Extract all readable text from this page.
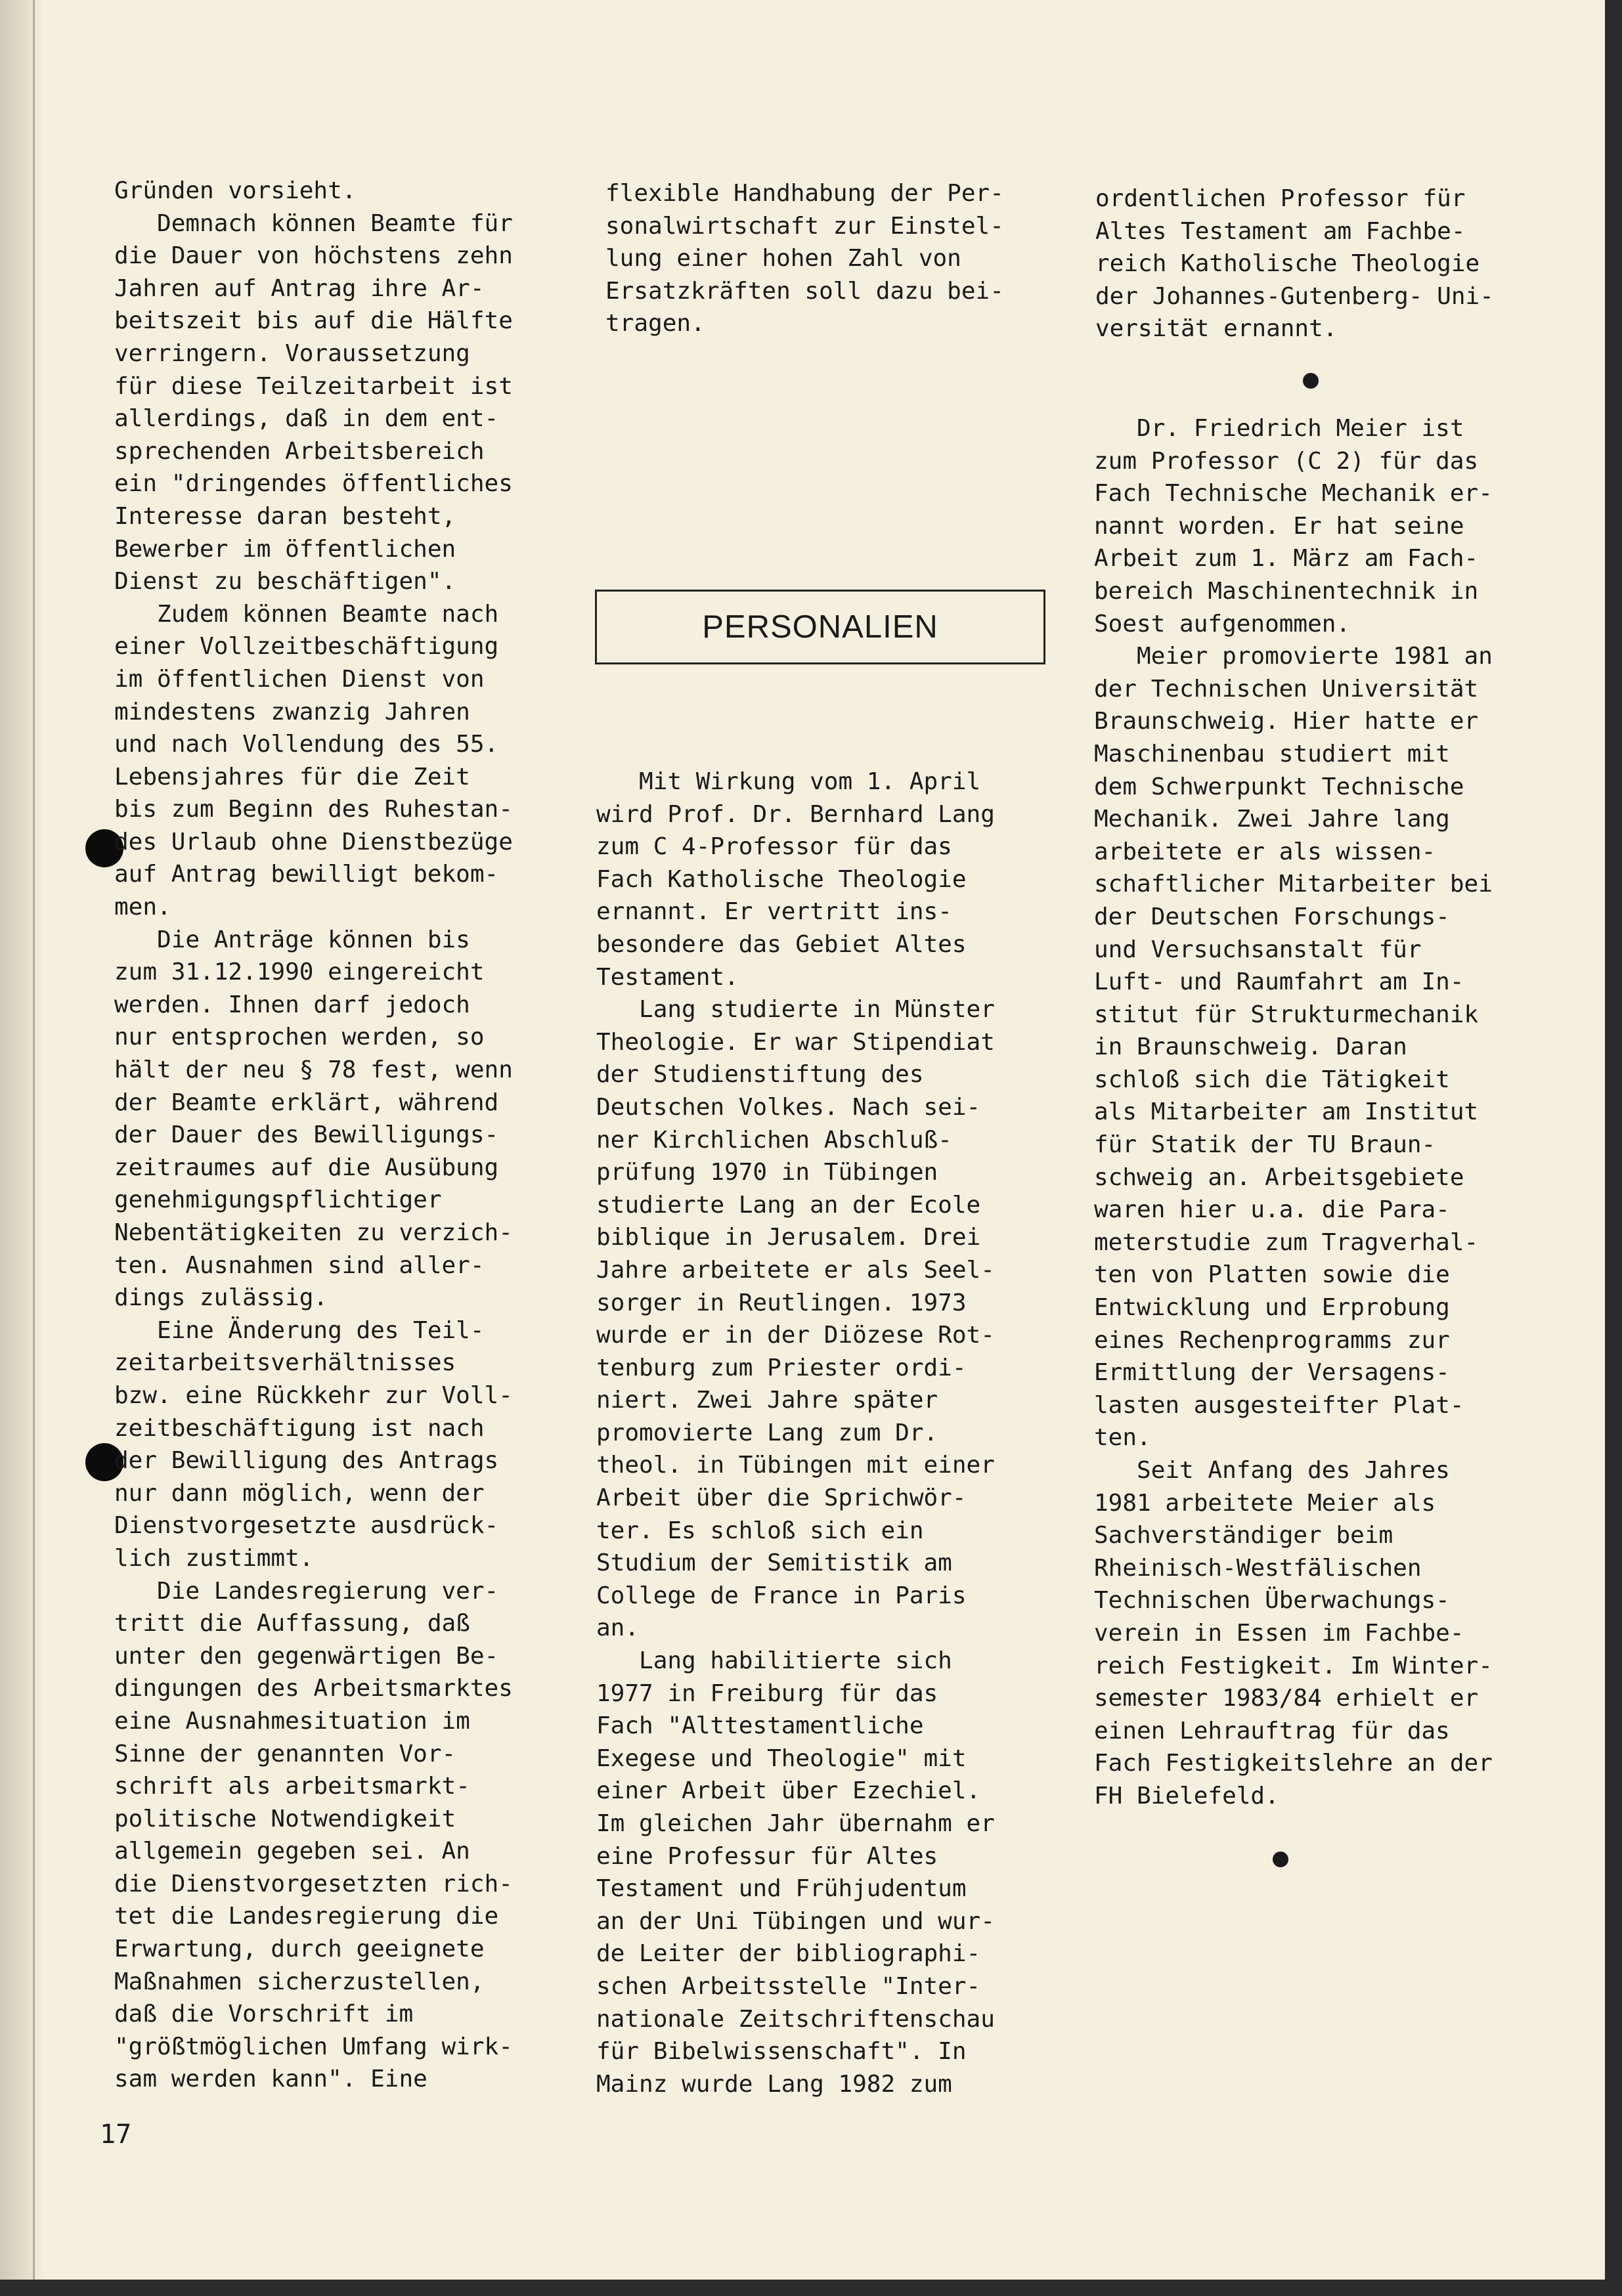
Gründen vorsieht.

Demnach können Beamte für

die Dauer von höchstens zehn

Jahren auf Antrag ihre Ar-

beitszeit bis auf die Hälfte

verringern. Voraussetzung

für diese Teilzeitarbeit ist

allerdings, daß in dem ent-

sprechenden Arbeitsbereich

ein "dringendes öffentliches

Interesse daran besteht,

Bewerber im öffentlichen

Dienst zu beschäftigen".

Zudem können Beamte nach

einer Vollzeitbeschäftigung

im öffentlichen Dienst von

mindestens zwanzig Jahren

und nach Vollendung des 55.

Lebensjahres für die Zeit

bis zum Beginn des Ruhestan-

des Urlaub ohne Dienstbezüge

auf Antrag bewilligt bekom-

men.

Die Anträge können bis

zum 31.12.1990 eingereicht

werden. Ihnen darf jedoch

nur entsprochen werden, so

hält der neu § 78 fest, wenn

der Beamte erklärt, während

der Dauer des Bewilligungs-

zeitraumes auf die Ausübung

genehmigungspflichtiger

Nebentätigkeiten zu verzich-

ten. Ausnahmen sind aller-

dings zulässig.

Eine Änderung des Teil-

zeitarbeitsverhältnisses

bzw. eine Rückkehr zur Voll-

zeitbeschäftigung ist nach

der Bewilligung des Antrags

nur dann möglich, wenn der

Dienstvorgesetzte ausdrück-

lich zustimmt.

Die Landesregierung ver-

tritt die Auffassung, daß

unter den gegenwärtigen Be-

dingungen des Arbeitsmarktes

eine Ausnahmesituation im

Sinne der genannten Vor-

schrift als arbeitsmarkt-

politische Notwendigkeit

allgemein gegeben sei. An

die Dienstvorgesetzten rich-

tet die Landesregierung die

Erwartung, durch geeignete

Maßnahmen sicherzustellen,

daß die Vorschrift im

"größtmöglichen Umfang wirk-

sam werden kann". Eine

flexible Handhabung der Per-

sonalwirtschaft zur Einstel-

lung einer hohen Zahl von

Ersatzkräften soll dazu bei-

tragen.

PERSONALIEN

Mit Wirkung vom 1. April

wird Prof. Dr. Bernhard Lang

zum C 4-Professor für das

Fach Katholische Theologie

ernannt. Er vertritt ins-

besondere das Gebiet Altes

Testament.

Lang studierte in Münster

Theologie. Er war Stipendiat

der Studienstiftung des

Deutschen Volkes. Nach sei-

ner Kirchlichen Abschluß-

prüfung 1970 in Tübingen

studierte Lang an der Ecole

biblique in Jerusalem. Drei

Jahre arbeitete er als Seel-

sorger in Reutlingen. 1973

wurde er in der Diözese Rot-

tenburg zum Priester ordi-

niert. Zwei Jahre später

promovierte Lang zum Dr.

theol. in Tübingen mit einer

Arbeit über die Sprichwör-

ter. Es schloß sich ein

Studium der Semitistik am

College de France in Paris

an.

Lang habilitierte sich

1977 in Freiburg für das

Fach "Alttestamentliche

Exegese und Theologie" mit

einer Arbeit über Ezechiel.

Im gleichen Jahr übernahm er

eine Professur für Altes

Testament und Frühjudentum

an der Uni Tübingen und wur-

de Leiter der bibliographi-

schen Arbeitsstelle "Inter-

nationale Zeitschriftenschau

für Bibelwissenschaft". In

Mainz wurde Lang 1982 zum

ordentlichen Professor für

Altes Testament am Fachbe-

reich Katholische Theologie

der Johannes-Gutenberg- Uni-

versität ernannt.

Dr. Friedrich Meier ist

zum Professor (C 2) für das

Fach Technische Mechanik er-

nannt worden. Er hat seine

Arbeit zum 1. März am Fach-

bereich Maschinentechnik in

Soest aufgenommen.

Meier promovierte 1981 an

der Technischen Universität

Braunschweig. Hier hatte er

Maschinenbau studiert mit

dem Schwerpunkt Technische

Mechanik. Zwei Jahre lang

arbeitete er als wissen-

schaftlicher Mitarbeiter bei

der Deutschen Forschungs-

und Versuchsanstalt für

Luft- und Raumfahrt am In-

stitut für Strukturmechanik

in Braunschweig. Daran

schloß sich die Tätigkeit

als Mitarbeiter am Institut

für Statik der TU Braun-

schweig an. Arbeitsgebiete

waren hier u.a. die Para-

meterstudie zum Tragverhal-

ten von Platten sowie die

Entwicklung und Erprobung

eines Rechenprogramms zur

Ermittlung der Versagens-

lasten ausgesteifter Plat-

ten.

Seit Anfang des Jahres

1981 arbeitete Meier als

Sachverständiger beim

Rheinisch-Westfälischen

Technischen Überwachungs-

verein in Essen im Fachbe-

reich Festigkeit. Im Winter-

semester 1983/84 erhielt er

einen Lehrauftrag für das

Fach Festigkeitslehre an der

FH Bielefeld.

17
